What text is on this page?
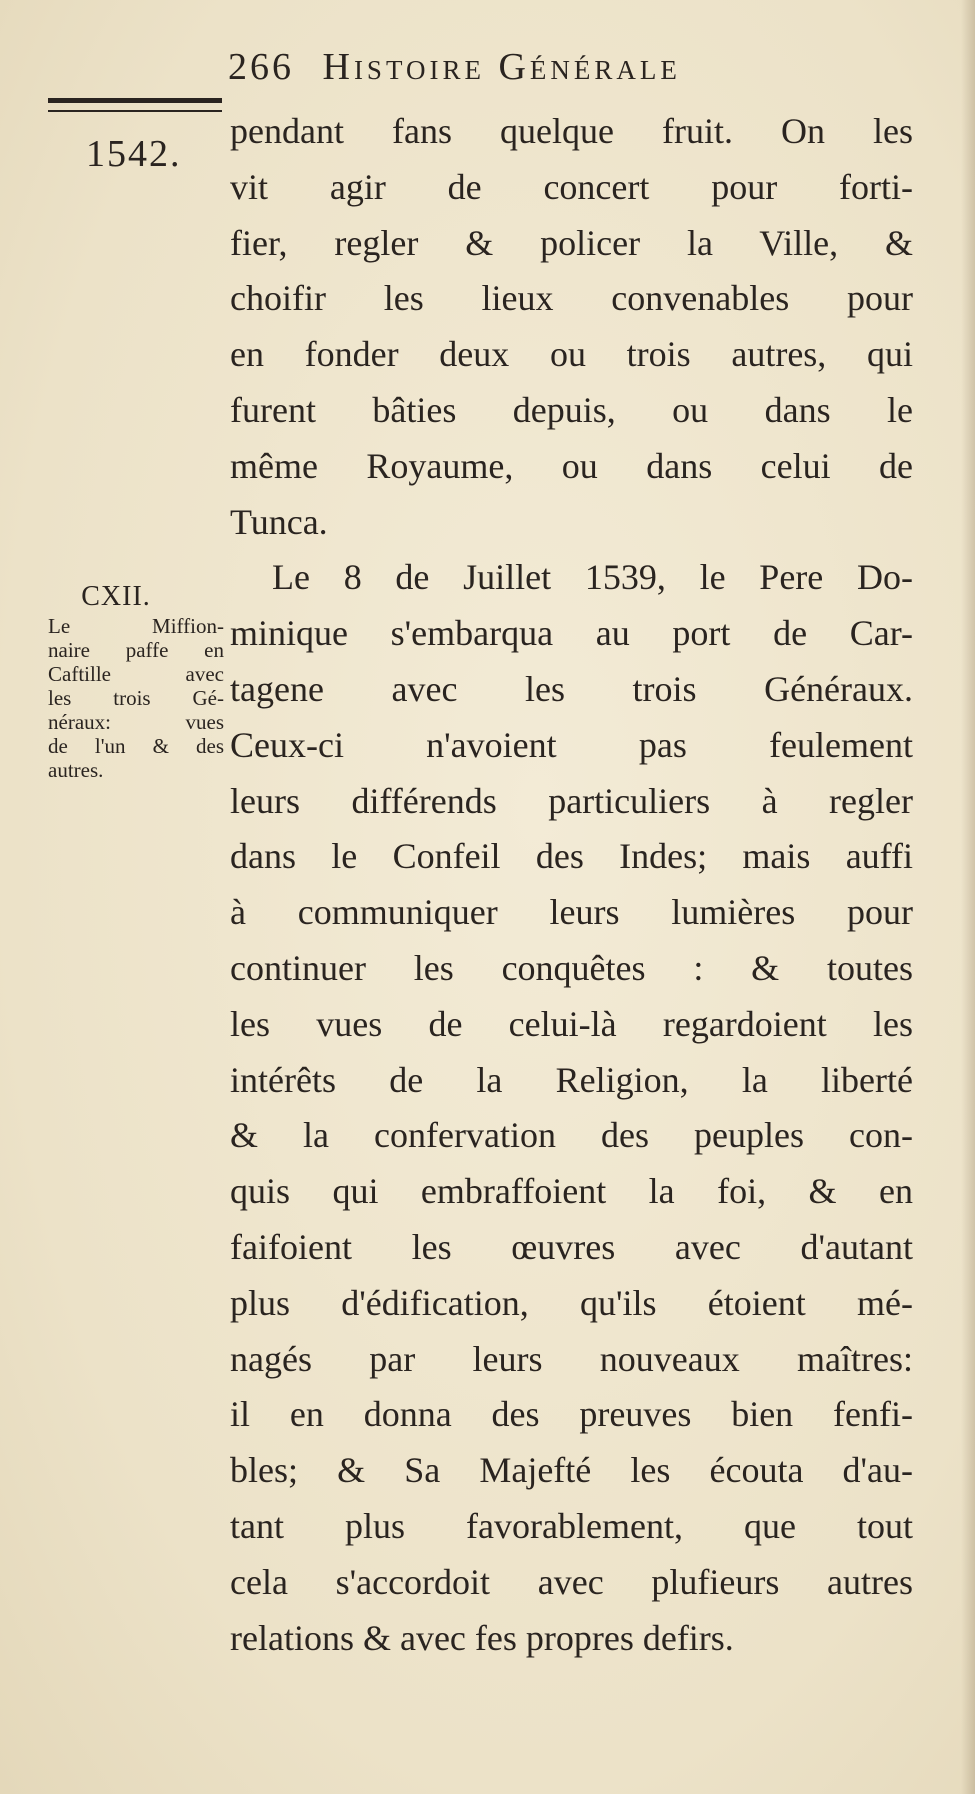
266 Histoire Générale
1542.
CXII.
Le Miffion-
naire paffe en
Caftille avec
les trois Gé-
néraux: vues
de l'un & des
autres.
pendant fans quelque fruit. On les
vit agir de concert pour forti-
fier, regler & policer la Ville, &
choifir les lieux convenables pour
en fonder deux ou trois autres, qui
furent bâties depuis, ou dans le
même Royaume, ou dans celui de
Tunca.
Le 8 de Juillet 1539, le Pere Do-
minique s'embarqua au port de Car-
tagene avec les trois Généraux.
Ceux-ci n'avoient pas feulement
leurs différends particuliers à regler
dans le Confeil des Indes; mais auffi
à communiquer leurs lumières pour
continuer les conquêtes : & toutes
les vues de celui-là regardoient les
intérêts de la Religion, la liberté
& la confervation des peuples con-
quis qui embraffoient la foi, & en
faifoient les œuvres avec d'autant
plus d'édification, qu'ils étoient mé-
nagés par leurs nouveaux maîtres:
il en donna des preuves bien fenfi-
bles; & Sa Majefté les écouta d'au-
tant plus favorablement, que tout
cela s'accordoit avec plufieurs autres
relations & avec fes propres defirs.
